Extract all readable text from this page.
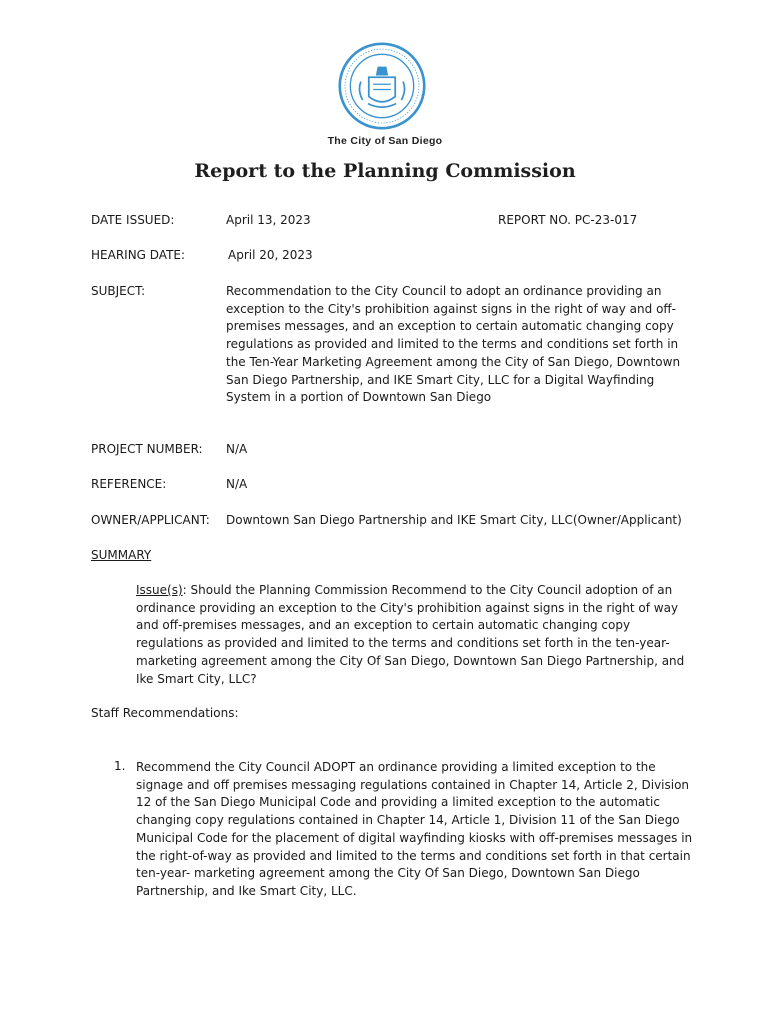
The City of San Diego
Report to the Planning Commission
DATE ISSUED:	April 13, 2023	REPORT NO. PC-23-017
HEARING DATE:	April 20, 2023
SUBJECT:	Recommendation to the City Council to adopt an ordinance providing an
exception to the City's prohibition against signs in the right of way and off-
premises messages, and an exception to certain automatic changing copy
regulations as provided and limited to the terms and conditions set forth in
the Ten-Year Marketing Agreement among the City of San Diego, Downtown
San Diego Partnership, and IKE Smart City, LLC for a Digital Wayfinding
System in a portion of Downtown San Diego
PROJECT NUMBER: N/A
REFERENCE:	N/A
OWNER/APPLICANT: Downtown San Diego Partnership and IKE Smart City, LLC(Owner/Applicant)
SUMMARY
Issue(s): Should the Planning Commission Recommend to the City Council adoption of an
ordinance providing an exception to the City's prohibition against signs in the right of way
and off-premises messages, and an exception to certain automatic changing copy
regulations as provided and limited to the terms and conditions set forth in the ten-year-
marketing agreement among the City Of San Diego, Downtown San Diego Partnership, and
Ike Smart City, LLC?
Staff Recommendations:
1. Recommend the City Council ADOPT an ordinance providing a limited exception to the
signage and off premises messaging regulations contained in Chapter 14, Article 2, Division
12 of the San Diego Municipal Code and providing a limited exception to the automatic
changing copy regulations contained in Chapter 14, Article 1, Division 11 of the San Diego
Municipal Code for the placement of digital wayfinding kiosks with off-premises messages in
the right-of-way as provided and limited to the terms and conditions set forth in that certain
ten-year- marketing agreement among the City Of San Diego, Downtown San Diego
Partnership, and Ike Smart City, LLC.
